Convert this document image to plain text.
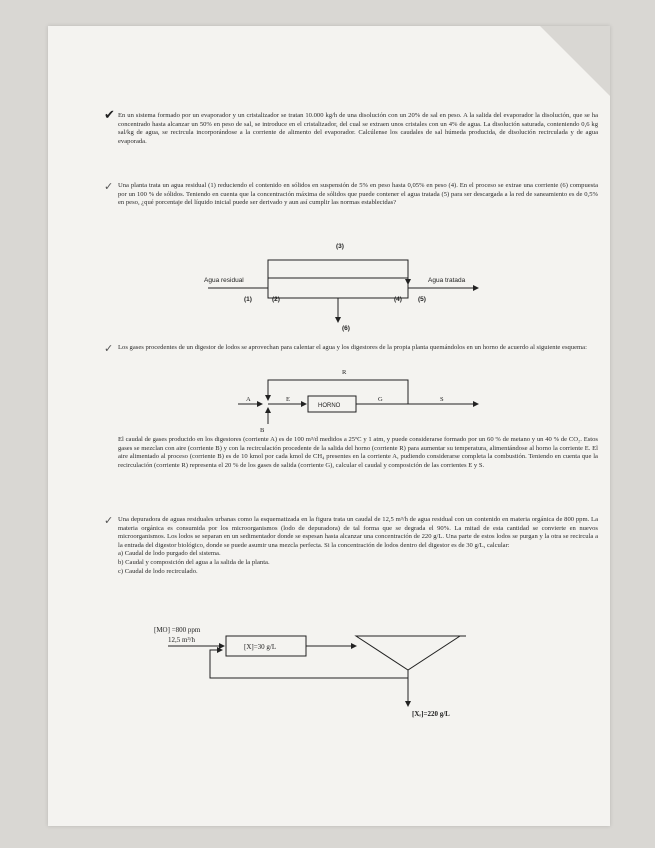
✔ En un sistema formado por un evaporador y un cristalizador se tratan 10.000 kg/h de una disolución con un 20% de sal en peso. A la salida del evaporador la disolución, que se ha concentrado hasta alcanzar un 50% en peso de sal, se introduce en el cristalizador, del cual se extraen unos cristales con un 4% de agua. La disolución saturada, conteniendo 0,6 kg sal/kg de agua, se recircula incorporándose a la corriente de alimento del evaporador. Calcúlense los caudales de sal húmeda producida, de disolución recirculada y de agua evaporada.

✓ Una planta trata un agua residual (1) reduciendo el contenido en sólidos en suspensión de 5% en peso hasta 0,05% en peso (4). En el proceso se extrae una corriente (6) compuesta por un 100 % de sólidos. Teniendo en cuenta que la concentración máxima de sólidos que puede contener el agua tratada (5) para ser descargada a la red de saneamiento es de 0,5% en peso, ¿qué porcentaje del líquido inicial puede ser derivado y aun así cumplir las normas establecidas?

(3)
Agua residual	Agua tratada
(1)	(2)	(4) (5)
(6)
✓ Los gases procedentes de un digestor de lodos se aprovechan para calentar el agua y los digestores de la propia planta quemándolos en un horno de acuerdo al siguiente esquema:

R
A	E
HORNO
G	S
B

El caudal de gases producido en los digestores (corriente A) es de 100 m³/d medidos a 25ºC y 1 atm, y puede considerarse formado por un 60 % de metano y un 40 % de CO₂. Estos gases se mezclan con aire (corriente B) y con la recirculación procedente de la salida del horno (corriente R) para aumentar su temperatura, alimentándose al horno la corriente E. El aire alimentado al proceso (corriente B) es de 10 kmol por cada kmol de CH₄ presentes en la corriente A, pudiendo considerarse completa la combustión. Teniendo en cuenta que la recirculación (corriente R) representa el 20 % de los gases de salida (corriente G), calcular el caudal y composición de las corrientes E y S.

✓ Una depuradora de aguas residuales urbanas como la esquematizada en la figura trata un caudal de 12,5 m³/h de agua residual con un contenido en materia orgánica de 800 ppm. La materia orgánica es consumida por los microorganismos (lodo de depuradora) de tal forma que se degrada el 90%. La mitad de esta cantidad se convierte en nuevos microorganismos. Los lodos se separan en un sedimentador donde se espesan hasta alcanzar una concentración de 220 g/L. Una parte de estos lodos se purgan y la otra se recircula a la entrada del digestor biológico, donde se puede asumir una mezcla perfecta. Si la concentración de lodos dentro del digestor es de 30 g/L, calcular:

a) Caudal de lodo purgado del sistema.
b) Caudal y composición del agua a la salida de la planta.
c) Caudal de lodo recirculado.
[MO] =800 ppm
12,5 m³/h
[X]=30 g/L
[Xᵣ]=220 g/L
